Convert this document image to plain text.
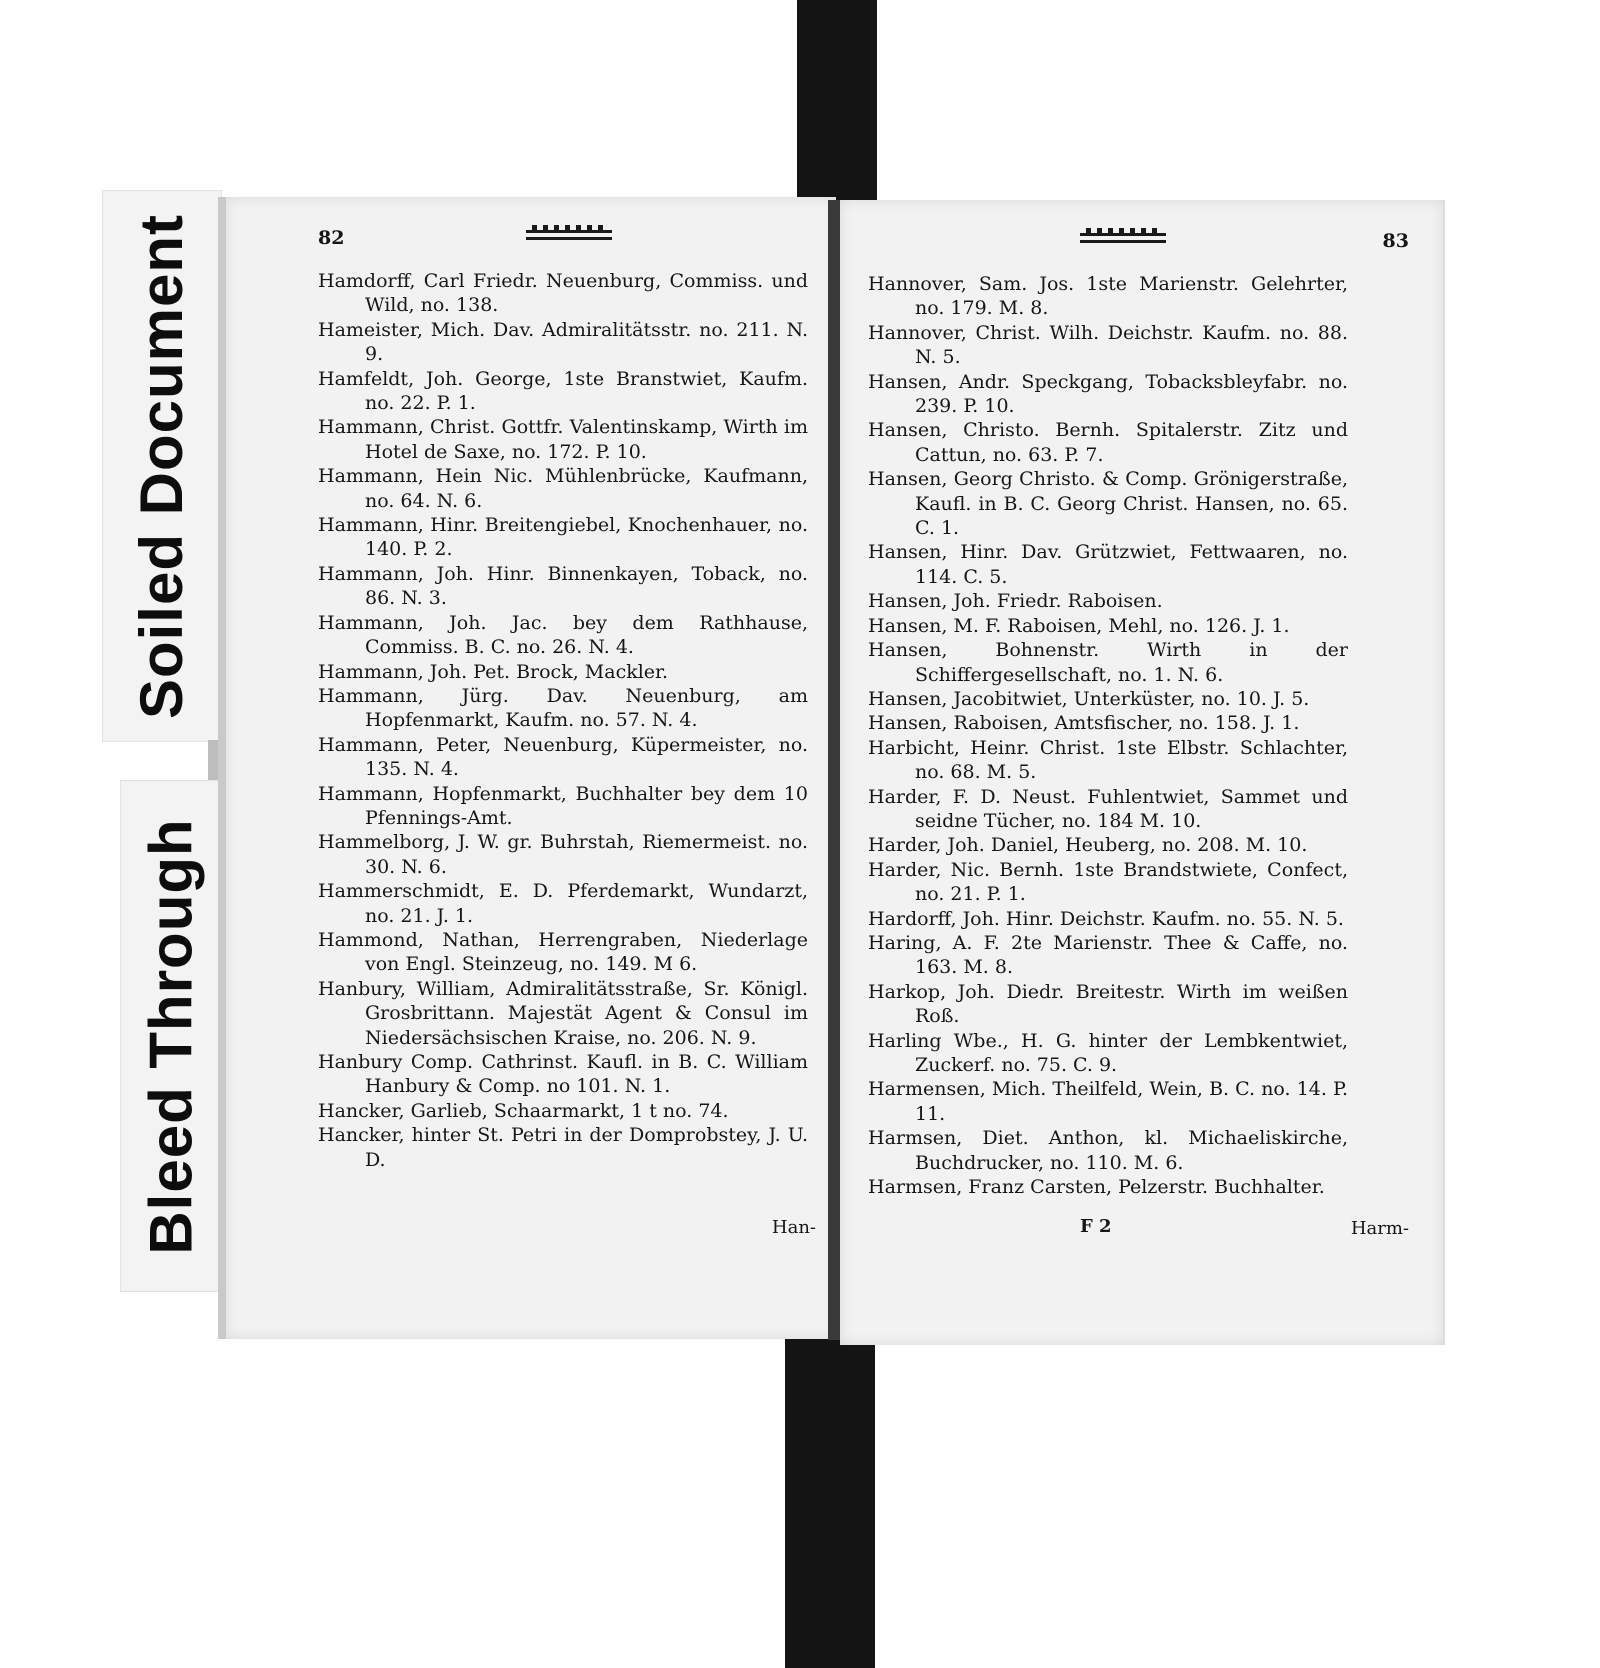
Soiled Document
Bleed Through
82

Hamdorff, Carl Friedr. Neuenburg, Commiss. und Wild, no. 138.

Hameister, Mich. Dav. Admiralitätsstr. no. 211. N. 9.

Hamfeldt, Joh. George, 1ste Branstwiet, Kaufm. no. 22. P. 1.

Hammann, Christ. Gottfr. Valentinskamp, Wirth im Hotel de Saxe, no. 172. P. 10.

Hammann, Hein Nic. Mühlenbrücke, Kaufmann, no. 64. N. 6.

Hammann, Hinr. Breitengiebel, Knochenhauer, no. 140. P. 2.

Hammann, Joh. Hinr. Binnenkayen, Toback, no. 86. N. 3.

Hammann, Joh. Jac. bey dem Rathhause, Commiss. B. C. no. 26. N. 4.

Hammann, Joh. Pet. Brock, Mackler.

Hammann, Jürg. Dav. Neuenburg, am Hopfenmarkt, Kaufm. no. 57. N. 4.

Hammann, Peter, Neuenburg, Küpermeister, no. 135. N. 4.

Hammann, Hopfenmarkt, Buchhalter bey dem 10 Pfennings-Amt.

Hammelborg, J. W. gr. Buhrstah, Riemermeist. no. 30. N. 6.

Hammerschmidt, E. D. Pferdemarkt, Wundarzt, no. 21. J. 1.

Hammond, Nathan, Herrengraben, Niederlage von Engl. Steinzeug, no. 149. M 6.

Hanbury, William, Admiralitätsstraße, Sr. Königl. Grosbrittann. Majestät Agent & Consul im Niedersächsischen Kraise, no. 206. N. 9.

Hanbury Comp. Cathrinst. Kaufl. in B. C. William Hanbury & Comp. no 101. N. 1.

Hancker, Garlieb, Schaarmarkt, 1 t no. 74.

Hancker, hinter St. Petri in der Domprobstey, J. U. D.

Han-
83

Hannover, Sam. Jos. 1ste Marienstr. Gelehrter, no. 179. M. 8.

Hannover, Christ. Wilh. Deichstr. Kaufm. no. 88. N. 5.

Hansen, Andr. Speckgang, Tobacksbleyfabr. no. 239. P. 10.

Hansen, Christo. Bernh. Spitalerstr. Zitz und Cattun, no. 63. P. 7.

Hansen, Georg Christo. & Comp. Grönigerstraße, Kaufl. in B. C. Georg Christ. Hansen, no. 65. C. 1.

Hansen, Hinr. Dav. Grützwiet, Fettwaaren, no. 114. C. 5.

Hansen, Joh. Friedr. Raboisen.

Hansen, M. F. Raboisen, Mehl, no. 126. J. 1.

Hansen, Bohnenstr. Wirth in der Schiffergesellschaft, no. 1. N. 6.

Hansen, Jacobitwiet, Unterküster, no. 10. J. 5.

Hansen, Raboisen, Amtsfischer, no. 158. J. 1.

Harbicht, Heinr. Christ. 1ste Elbstr. Schlachter, no. 68. M. 5.

Harder, F. D. Neust. Fuhlentwiet, Sammet und seidne Tücher, no. 184 M. 10.

Harder, Joh. Daniel, Heuberg, no. 208. M. 10.

Harder, Nic. Bernh. 1ste Brandstwiete, Confect, no. 21. P. 1.

Hardorff, Joh. Hinr. Deichstr. Kaufm. no. 55. N. 5.

Haring, A. F. 2te Marienstr. Thee & Caffe, no. 163. M. 8.

Harkop, Joh. Diedr. Breitestr. Wirth im weißen Roß.

Harling Wbe., H. G. hinter der Lembkentwiet, Zuckerf. no. 75. C. 9.

Harmensen, Mich. Theilfeld, Wein, B. C. no. 14. P. 11.

Harmsen, Diet. Anthon, kl. Michaeliskirche, Buchdrucker, no. 110. M. 6.

Harmsen, Franz Carsten, Pelzerstr. Buchhalter.

F 2	Harm-
